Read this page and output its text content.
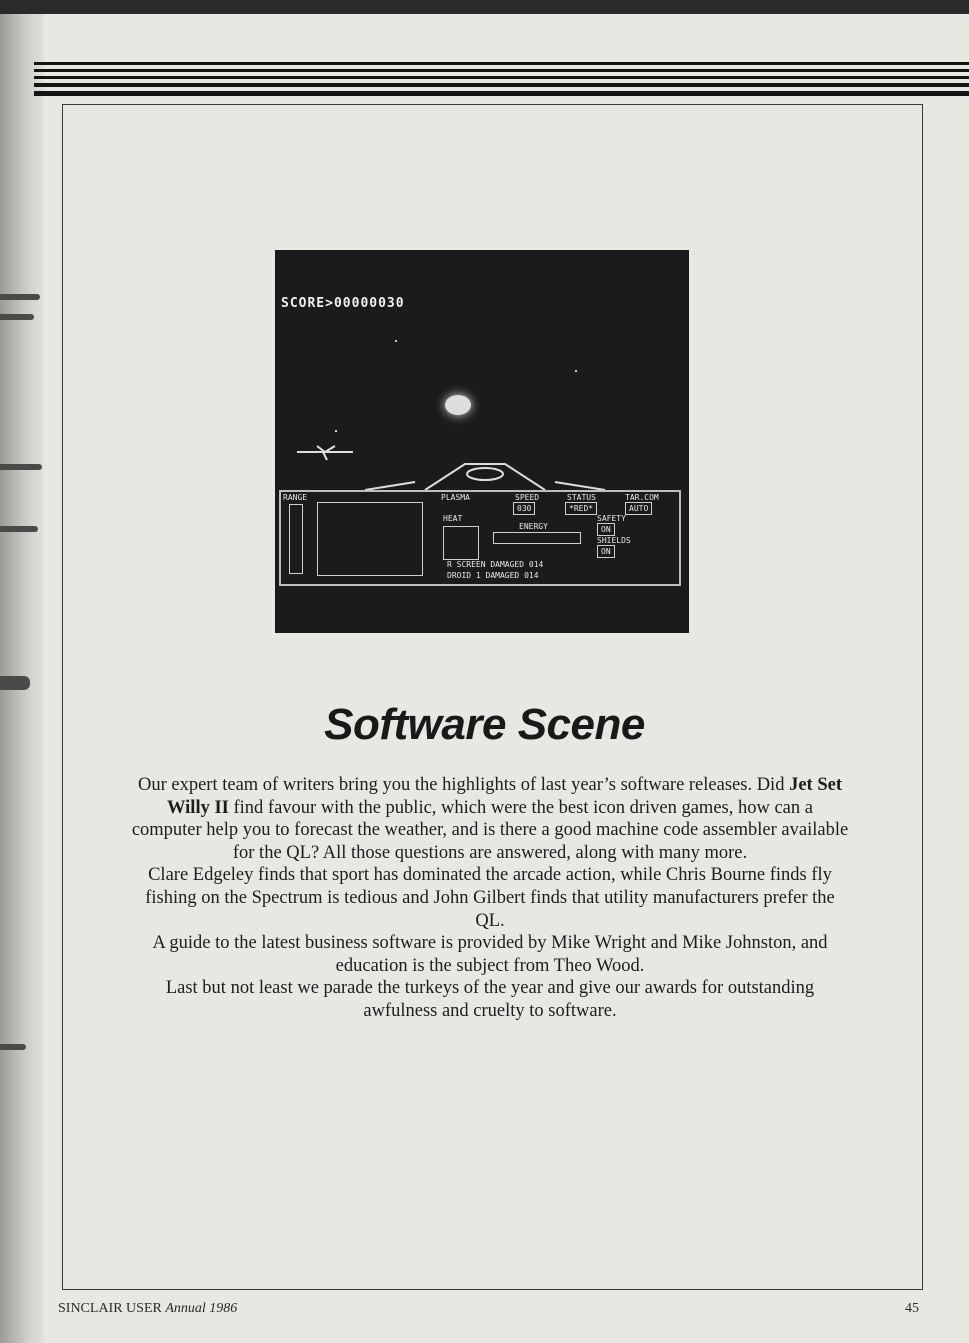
SCORE>00000030
RANGE	PLASMA
HEAT
SPEED
030
STATUS
*RED*
TAR.COM
AUTO
ENERGY
SAFETY
ON
SHIELDS
ON
R SCREEN DAMAGED 014
DROID 1 DAMAGED 014
Software Scene

Our expert team of writers bring you the highlights of last year’s software releases. Did Jet Set Willy II find favour with the public, which were the best icon driven games, how can a computer help you to forecast the weather, and is there a good machine code assembler available for the QL? All those questions are answered, along with many more.

Clare Edgeley finds that sport has dominated the arcade action, while Chris Bourne finds fly fishing on the Spectrum is tedious and John Gilbert finds that utility manufacturers prefer the QL.

A guide to the latest business software is provided by Mike Wright and Mike Johnston, and education is the subject from Theo Wood.

Last but not least we parade the turkeys of the year and give our awards for outstanding awfulness and cruelty to software.

SINCLAIR USER Annual 1986	45
